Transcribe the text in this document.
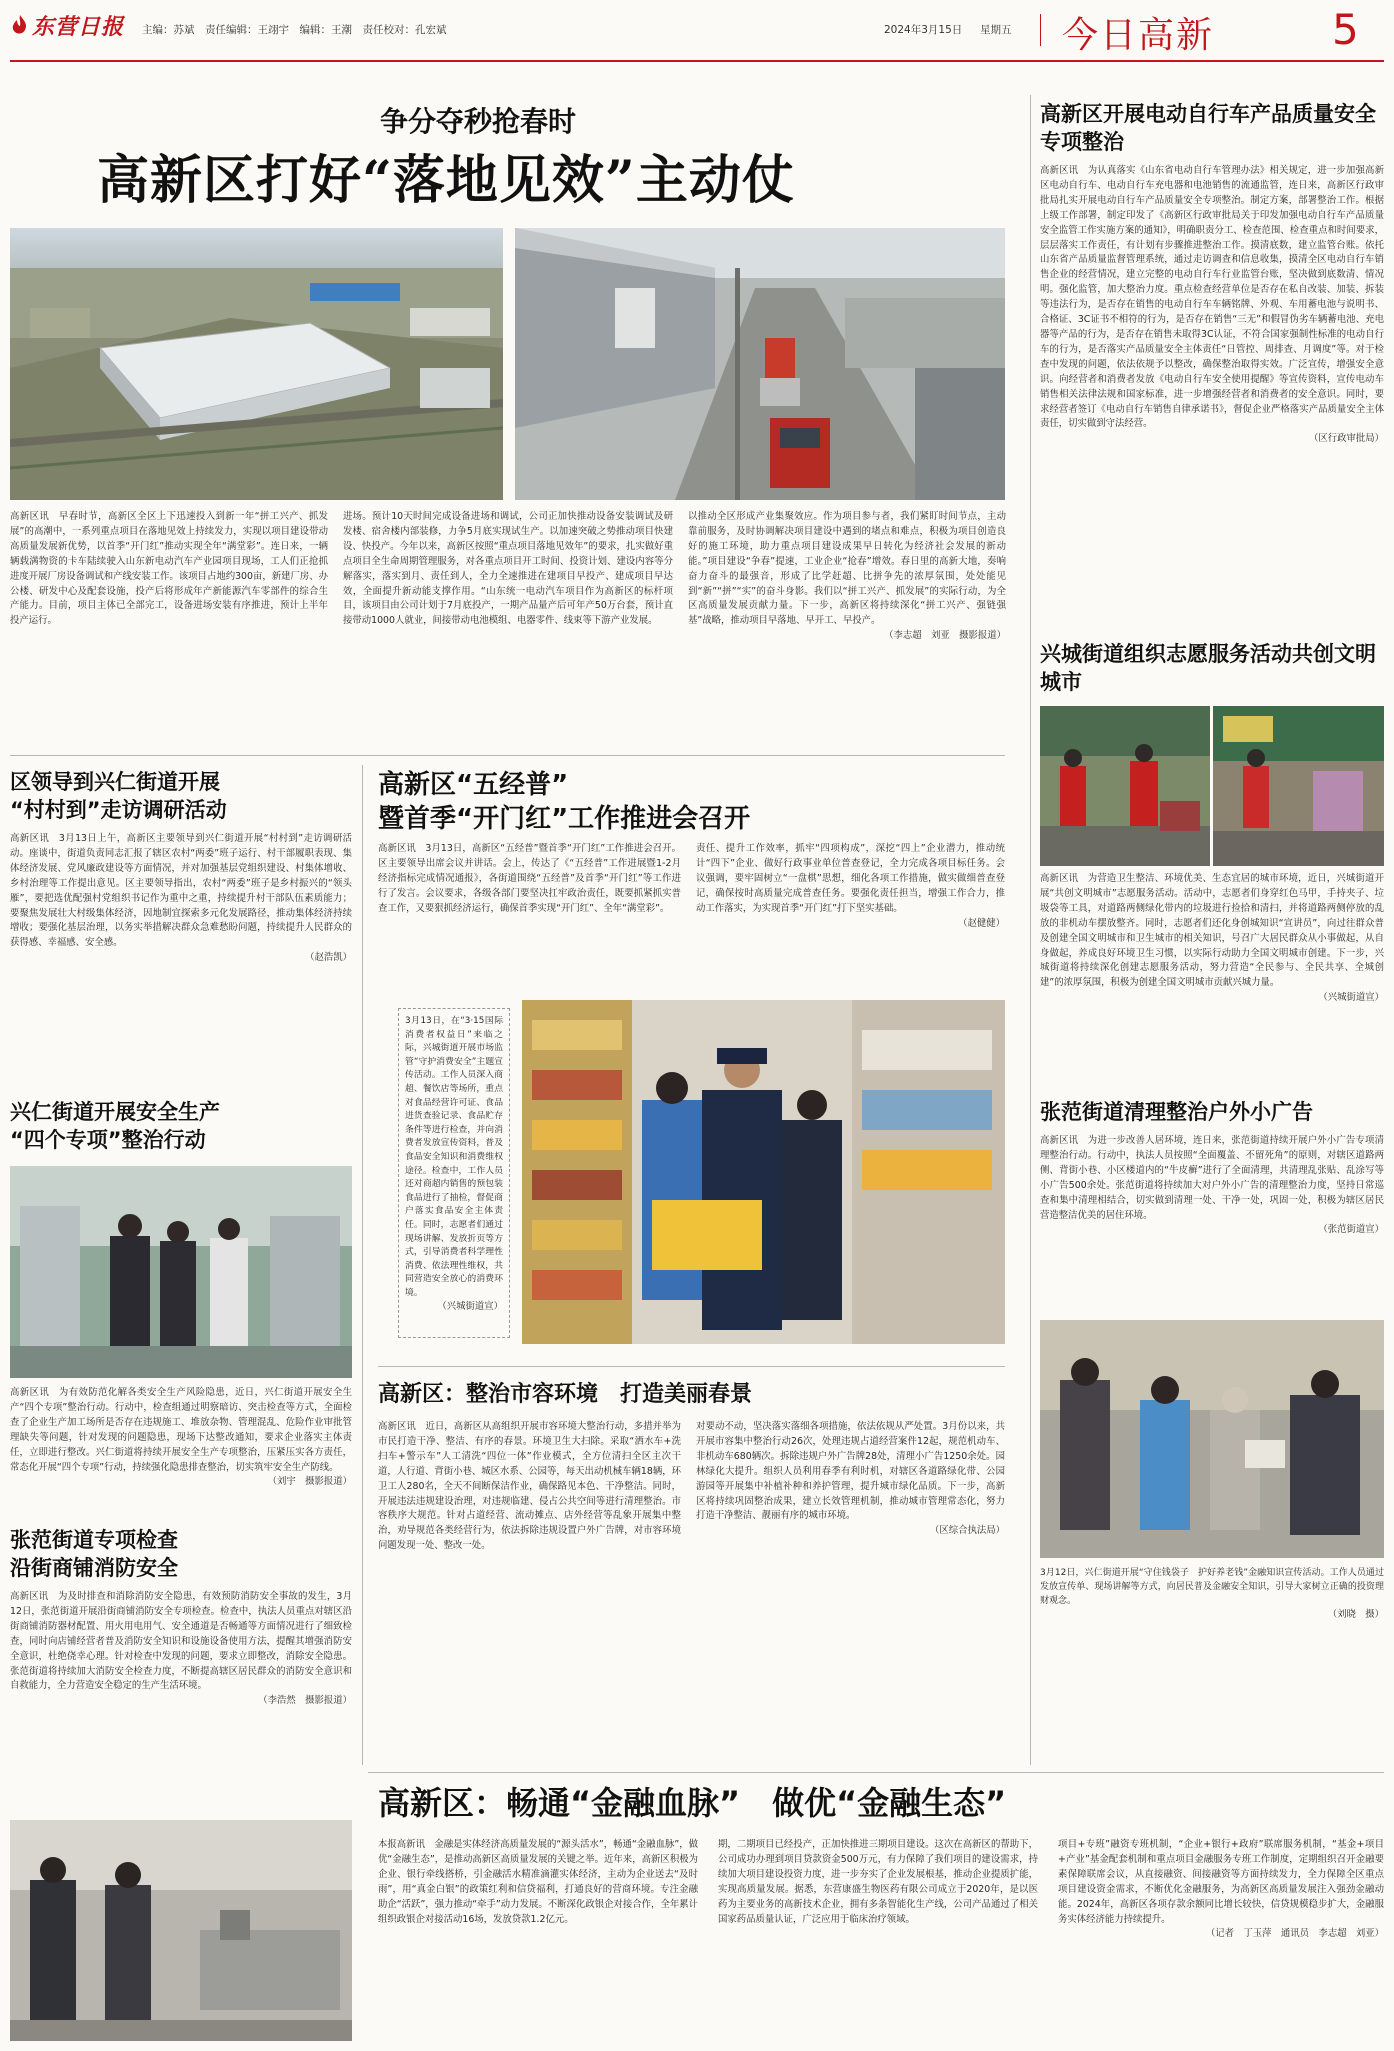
东营日报 主编：苏斌　责任编辑：王翊宇　编辑：王潮　责任校对：孔宏斌	2024年3月15日 星期五 今日高新	5
争分夺秒抢春时
高新区打好“落地见效”主动仗

高新区讯　早春时节，高新区全区上下迅速投入到新一年“拼工兴产、抓发展”的高潮中，一系列重点项目在落地见效上持续发力，实现以项目建设带动高质量发展新优势，以首季“开门红”推动实现全年“满堂彩”。连日来，一辆辆载满物资的卡车陆续驶入山东新电动汽车产业园项目现场，工人们正抢抓进度开展厂房设备调试和产线安装工作。该项目占地约300亩，新建厂房、办公楼、研发中心及配套设施，投产后将形成年产新能源汽车零部件的综合生产能力。目前，项目主体已全部完工，设备进场安装有序推进，预计上半年投产运行。

进场。预计10天时间完成设备进场和调试，公司正加快推动设备安装调试及研发楼、宿舍楼内部装修，力争5月底实现试生产。以加速突破之势推动项目快建设、快投产。今年以来，高新区按照“重点项目落地见效年”的要求，扎实做好重点项目全生命周期管理服务，对各重点项目开工时间、投资计划、建设内容等分解落实，落实到月、责任到人，全力全速推进在建项目早投产、建成项目早达效，全面提升新动能支撑作用。“山东统一电动汽车项目作为高新区的标杆项目，该项目由公司计划于7月底投产，一期产品量产后可年产50万台套，预计直接带动1000人就业，间接带动电池模组、电器零件、线束等下游产业发展。

以推动全区形成产业集聚效应。作为项目参与者，我们紧盯时间节点，主动靠前服务，及时协调解决项目建设中遇到的堵点和难点，积极为项目创造良好的施工环境，助力重点项目建设成果早日转化为经济社会发展的新动能。”项目建设“争春”提速，工业企业“抢春”增效。春日里的高新大地，奏响奋力奋斗的最强音，形成了比学赶超、比拼争先的浓厚氛围，处处能见到“新”“拼”“实”的奋斗身影。我们以“拼工兴产、抓发展”的实际行动，为全区高质量发展贡献力量。下一步，高新区将持续深化“拼工兴产、强链强基”战略，推动项目早落地、早开工、早投产。

（李志超　刘亚　摄影报道）
高新区开展电动自行车产品质量安全专项整治

高新区讯　为认真落实《山东省电动自行车管理办法》相关规定，进一步加强高新区电动自行车、电动自行车充电器和电池销售的流通监管，连日来，高新区行政审批局扎实开展电动自行车产品质量安全专项整治。制定方案，部署整治工作。根据上级工作部署，制定印发了《高新区行政审批局关于印发加强电动自行车产品质量安全监管工作实施方案的通知》，明确职责分工、检查范围、检查重点和时间要求，层层落实工作责任，有计划有步骤推进整治工作。摸清底数，建立监管台账。依托山东省产品质量监督管理系统，通过走访调查和信息收集，摸清全区电动自行车销售企业的经营情况，建立完整的电动自行车行业监管台账，坚决做到底数清、情况明。强化监管，加大整治力度。重点检查经营单位是否存在私自改装、加装、拆装等违法行为，是否存在销售的电动自行车车辆铭牌、外观、车用蓄电池与说明书、合格证、3C证书不相符的行为，是否存在销售“三无”和假冒伪劣车辆蓄电池、充电器等产品的行为，是否存在销售未取得3C认证，不符合国家强制性标准的电动自行车的行为，是否落实产品质量安全主体责任“日管控、周排查、月调度”等。对于检查中发现的问题，依法依规予以整改，确保整治取得实效。广泛宣传，增强安全意识。向经营者和消费者发放《电动自行车安全使用提醒》等宣传资料，宣传电动车销售相关法律法规和国家标准，进一步增强经营者和消费者的安全意识。同时，要求经营者签订《电动自行车销售自律承诺书》，督促企业严格落实产品质量安全主体责任，切实做到守法经营。

（区行政审批局）
兴城街道组织志愿服务活动共创文明城市

高新区讯　为营造卫生整洁、环境优美、生态宜居的城市环境，近日，兴城街道开展“共创文明城市”志愿服务活动。活动中，志愿者们身穿红色马甲，手持夹子、垃圾袋等工具，对道路两侧绿化带内的垃圾进行捡拾和清扫，并将道路两侧停放的乱放的非机动车摆放整齐。同时，志愿者们还化身创城知识“宣讲员”，向过往群众普及创建全国文明城市和卫生城市的相关知识，号召广大居民群众从小事做起，从自身做起，养成良好环境卫生习惯，以实际行动助力全国文明城市创建。下一步，兴城街道将持续深化创建志愿服务活动，努力营造“全民参与、全民共享、全城创建”的浓厚氛围，积极为创建全国文明城市贡献兴城力量。

（兴城街道宣）
张范街道清理整治户外小广告

高新区讯　为进一步改善人居环境，连日来，张范街道持续开展户外小广告专项清理整治行动。行动中，执法人员按照“全面覆盖、不留死角”的原则，对辖区道路两侧、背街小巷、小区楼道内的“牛皮癣”进行了全面清理，共清理乱张贴、乱涂写等小广告500余处。张范街道将持续加大对户外小广告的清理整治力度，坚持日常巡查和集中清理相结合，切实做到清理一处、干净一处，巩固一处，积极为辖区居民营造整洁优美的居住环境。

（张范街道宣）

3月12日，兴仁街道开展“守住钱袋子　护好养老钱”金融知识宣传活动。工作人员通过发放宣传单、现场讲解等方式，向居民普及金融安全知识，引导大家树立正确的投资理财观念。

（刘晓　摄）
区领导到兴仁街道开展
“村村到”走访调研活动

高新区讯　3月13日上午，高新区主要领导到兴仁街道开展“村村到”走访调研活动。座谈中，街道负责同志汇报了辖区农村“两委”班子运行、村干部履职表现、集体经济发展、党风廉政建设等方面情况，并对加强基层党组织建设、村集体增收、乡村治理等工作提出意见。区主要领导指出，农村“两委”班子是乡村振兴的“领头雁”，要把选优配强村党组织书记作为重中之重，持续提升村干部队伍素质能力；要聚焦发展壮大村级集体经济，因地制宜探索多元化发展路径，推动集体经济持续增收；要强化基层治理，以务实举措解决群众急难愁盼问题，持续提升人民群众的获得感、幸福感、安全感。

（赵浩凯）
兴仁街道开展安全生产
“四个专项”整治行动

高新区讯　为有效防范化解各类安全生产风险隐患，近日，兴仁街道开展安全生产“四个专项”整治行动。行动中，检查组通过明察暗访、突击检查等方式，全面检查了企业生产加工场所是否存在违规施工、堆放杂物、管理混乱、危险作业审批管理缺失等问题，针对发现的问题隐患，现场下达整改通知，要求企业落实主体责任，立即进行整改。兴仁街道将持续开展安全生产专项整治，压紧压实各方责任，常态化开展“四个专项”行动，持续强化隐患排查整治，切实筑牢安全生产防线。

（刘宇　摄影报道）
张范街道专项检查
沿街商铺消防安全

高新区讯　为及时排查和消除消防安全隐患，有效预防消防安全事故的发生，3月12日，张范街道开展沿街商铺消防安全专项检查。检查中，执法人员重点对辖区沿街商铺消防器材配置、用火用电用气、安全通道是否畅通等方面情况进行了细致检查，同时向店铺经营者普及消防安全知识和设施设备使用方法，提醒其增强消防安全意识，杜绝侥幸心理。针对检查中发现的问题，要求立即整改，消除安全隐患。张范街道将持续加大消防安全检查力度，不断提高辖区居民群众的消防安全意识和自救能力，全力营造安全稳定的生产生活环境。

（李浩然　摄影报道）
高新区“五经普”
暨首季“开门红”工作推进会召开

高新区讯　3月13日，高新区“五经普”暨首季“开门红”工作推进会召开。区主要领导出席会议并讲话。会上，传达了《“五经普”工作进展暨1-2月经济指标完成情况通报》，各街道围绕“五经普”及首季“开门红”等工作进行了发言。会议要求，各级各部门要坚决扛牢政治责任，既要抓紧抓实普查工作，又要狠抓经济运行，确保首季实现“开门红”、全年“满堂彩”。

责任、提升工作效率，抓牢“四项构成”，深挖“四上”企业潜力，推动统计“四下”企业、做好行政事业单位普查登记，全力完成各项目标任务。会议强调，要牢固树立“一盘棋”思想，细化各项工作措施，做实做细普查登记，确保按时高质量完成普查任务。要强化责任担当，增强工作合力，推动工作落实，为实现首季“开门红”打下坚实基础。

（赵健健）

3月13日，在“3·15国际消费者权益日”来临之际，兴城街道开展市场监管“守护消费安全”主题宣传活动。工作人员深入商超、餐饮店等场所，重点对食品经营许可证、食品进货查验记录、食品贮存条件等进行检查，并向消费者发放宣传资料，普及食品安全知识和消费维权途径。检查中，工作人员还对商超内销售的预包装食品进行了抽检，督促商户落实食品安全主体责任。同时，志愿者们通过现场讲解、发放折页等方式，引导消费者科学理性消费、依法理性维权，共同营造安全放心的消费环境。

（兴城街道宣）
高新区：整治市容环境　打造美丽春景

高新区讯　近日，高新区从高组织开展市容环境大整治行动，多措并举为市民打造干净、整洁、有序的春景。环境卫生大扫除。采取“洒水车+洗扫车+警示车”人工清洗“四位一体”作业模式，全方位清扫全区主次干道，人行道、背街小巷、城区水系、公园等，每天出动机械车辆18辆，环卫工人280名，全天不间断保洁作业，确保路见本色、干净整洁。同时，开展违法违规建设治理，对违规临建、侵占公共空间等进行清理整治。市容秩序大规范。针对占道经营、流动摊点、店外经营等乱象开展集中整治，劝导规范各类经营行为，依法拆除违规设置户外广告牌，对市容环境问题发现一处、整改一处。

对要动不动，坚决落实落细各项措施，依法依规从严处置。3月份以来，共开展市容集中整治行动26次，处理违规占道经营案件12起，规范机动车、非机动车680辆次。拆除违规户外广告牌28处，清理小广告1250余处。园林绿化大提升。组织人员利用春季有利时机，对辖区各道路绿化带、公园游园等开展集中补植补种和养护管理，提升城市绿化品质。下一步，高新区将持续巩固整治成果，建立长效管理机制，推动城市管理常态化，努力打造干净整洁、靓丽有序的城市环境。

（区综合执法局）
高新区：畅通“金融血脉”　做优“金融生态”

本报高新讯　金融是实体经济高质量发展的“源头活水”，畅通“金融血脉”，做优“金融生态”，是推动高新区高质量发展的关键之举。近年来，高新区积极为企业、银行牵线搭桥，引金融活水精准滴灌实体经济，主动为企业送去“及时雨”，用“真金白银”的政策红利和信贷福利，打通良好的营商环境。专注金融助企“活跃”，强力推动“牵手”动力发展。不断深化政银企对接合作，全年累计组织政银企对接活动16场，发放贷款1.2亿元。

期，二期项目已经投产，正加快推进三期项目建设。这次在高新区的帮助下，公司成功办理到项目贷款资金500万元，有力保障了我们项目的建设需求，持续加大项目建设投资力度，进一步夯实了企业发展根基，推动企业提质扩能，实现高质量发展。据悉，东营康盛生物医药有限公司成立于2020年，是以医药为主要业务的高新技术企业，拥有多条智能化生产线，公司产品通过了相关国家药品质量认证，广泛应用于临床治疗领域。

项目+专班”融资专班机制，“企业+银行+政府”联席服务机制，“基金+项目+产业”基金配套机制和重点项目金融服务专班工作制度，定期组织召开金融要素保障联席会议，从直接融资、间接融资等方面持续发力，全力保障全区重点项目建设资金需求，不断优化金融服务，为高新区高质量发展注入强劲金融动能。2024年，高新区各项存款余额同比增长较快，信贷规模稳步扩大，金融服务实体经济能力持续提升。

（记者　丁玉萍　通讯员　李志超　刘亚）
